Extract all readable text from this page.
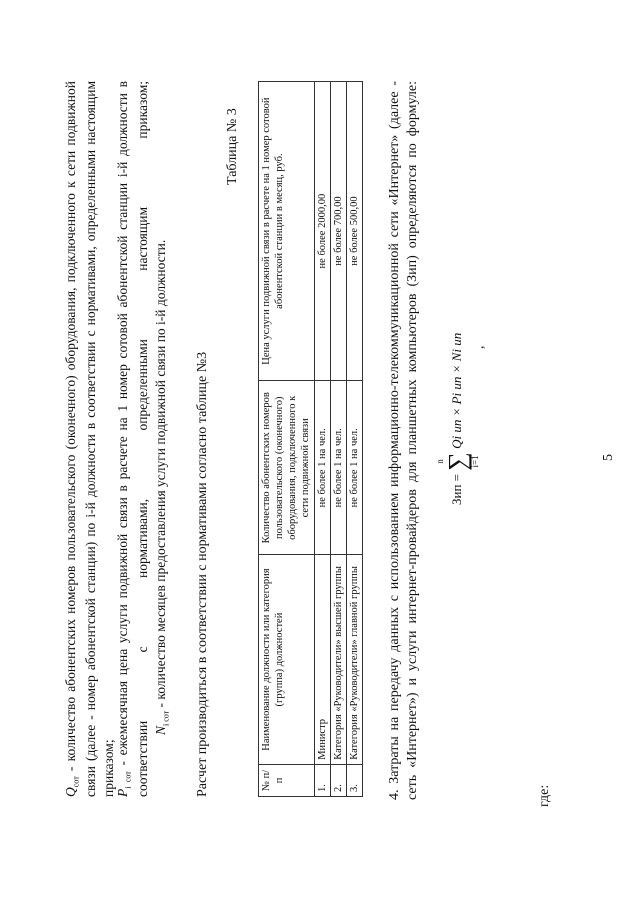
5

$Q_{сот}$ - количество абонентских номеров пользовательского (оконечного) оборудования, подключенного к сети подвижной связи (далее - номер абонентской станции) по i-й должности в соответствии с нормативами, определенными настоящим приказом;

$P_{i сот}$ - ежемесячная цена услуги подвижной связи в расчете на 1 номер сотовой абонентской станции i-й должности в соответствии с нормативами, определенными настоящим приказом; $N_{i сот}$ - количество месяцев предоставления услуги подвижной связи по i-й должности.	Расчет производиться в соответствии с нормативами согласно таблице №3

Таблица № 3
№ п/п	Наименование должности или категория (группа) должностей	Количество абонентских номеров пользовательского (оконечного) оборудования, подключенного к сети подвижной связи	Цена услуги подвижной связи в расчете на 1 номер сотовой абонентской станции в месяц, руб.
1.	Министр	не более 1 на чел.	не более 2000,00
2.	Категория «Руководители» высшей группы	не более 1 на чел.	не более 700,00
3.	Категория «Руководители» главной группы	не более 1 на чел.	не более 500,00 4. Затраты на передачу данных с использованием информационно-телекоммуникационной сети «Интернет» (далее - сеть «Интернет») и услуги интернет-провайдеров для планшетных компьютеров (Зип) определяются по формуле:	Зип =
n
∑
i=1
Qi ип × Pi ип × Ni ип ,
где:
